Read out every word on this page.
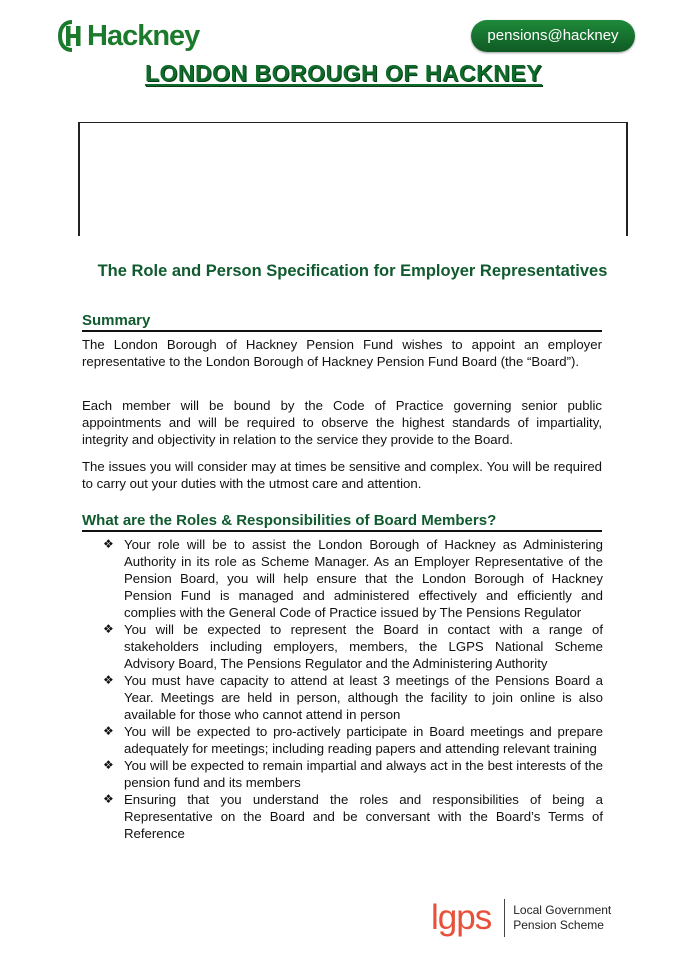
Hackney	pensions@hackney
LONDON BOROUGH OF HACKNEY
The Role and Person Specification for Employer Representatives
Summary

The London Borough of Hackney Pension Fund wishes to appoint an employer representative to the London Borough of Hackney Pension Fund Board (the “Board”).

Each member will be bound by the Code of Practice governing senior public appointments and will be required to observe the highest standards of impartiality, integrity and objectivity in relation to the service they provide to the Board.

The issues you will consider may at times be sensitive and complex. You will be required to carry out your duties with the utmost care and attention.

What are the Roles & Responsibilities of Board Members?
❖ Your role will be to assist the London Borough of Hackney as Administering Authority in its role as Scheme Manager. As an Employer Representative of the Pension Board, you will help ensure that the London Borough of Hackney Pension Fund is managed and administered effectively and efficiently and complies with the General Code of Practice issued by The Pensions Regulator
❖ You will be expected to represent the Board in contact with a range of stakeholders including employers, members, the LGPS National Scheme Advisory Board, The Pensions Regulator and the Administering Authority
❖ You must have capacity to attend at least 3 meetings of the Pensions Board a Year. Meetings are held in person, although the facility to join online is also available for those who cannot attend in person
❖ You will be expected to pro-actively participate in Board meetings and prepare adequately for meetings; including reading papers and attending relevant training
❖ You will be expected to remain impartial and always act in the best interests of the pension fund and its members
❖ Ensuring that you understand the roles and responsibilities of being a Representative on the Board and be conversant with the Board’s Terms of Reference
lgps Local Government
Pension Scheme
